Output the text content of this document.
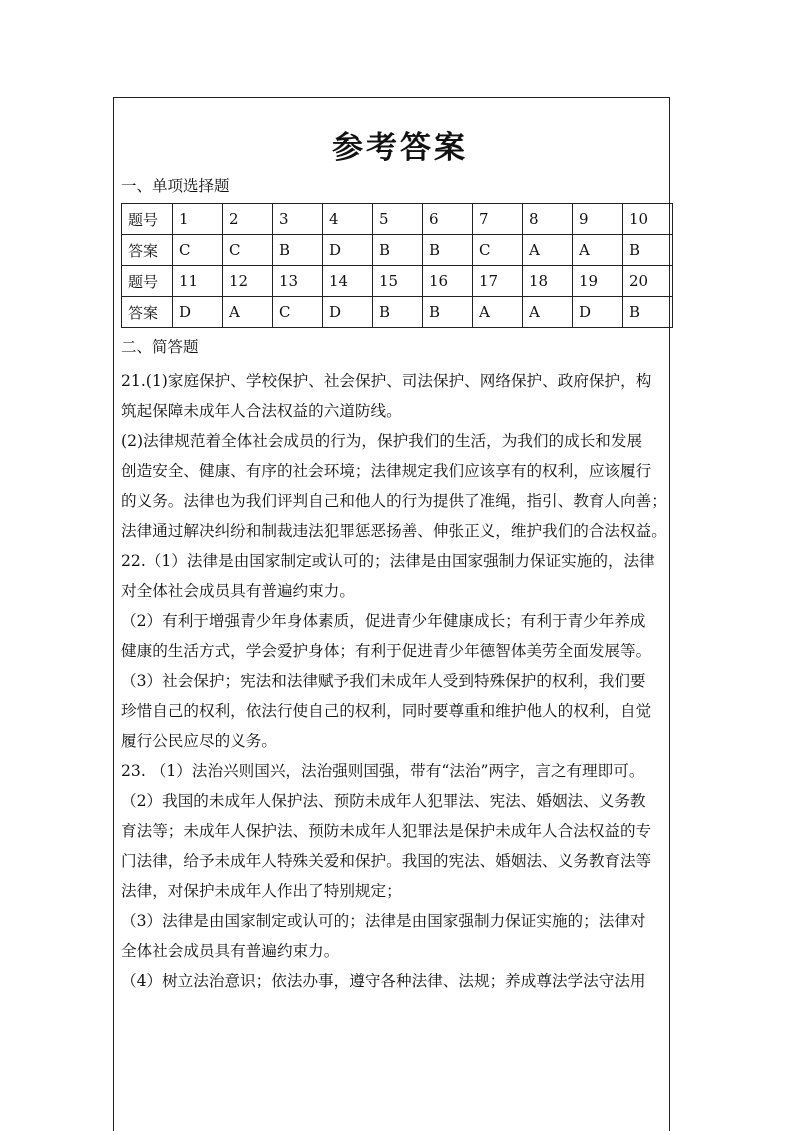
参考答案
一、单项选择题
题号	1	2	3	4	5	6	7	8	9	10
答案	C	C	B	D	B	B	C	A	A	B
题号	11	12	13	14	15	16	17	18	19	20
答案	D	A	C	D	B	B	A	A	D	B
二、简答题
21.(1)家庭保护、学校保护、社会保护、司法保护、网络保护、政府保护，构
筑起保障未成年人合法权益的六道防线。
(2)法律规范着全体社会成员的行为，保护我们的生活，为我们的成长和发展
创造安全、健康、有序的社会环境；法律规定我们应该享有的权利，应该履行
的义务。法律也为我们评判自己和他人的行为提供了准绳，指引、教育人向善；
法律通过解决纠纷和制裁违法犯罪惩恶扬善、伸张正义，维护我们的合法权益。
22.（1）法律是由国家制定或认可的；法律是由国家强制力保证实施的，法律
对全体社会成员具有普遍约束力。
（2）有利于增强青少年身体素质，促进青少年健康成长；有利于青少年养成
健康的生活方式，学会爱护身体；有利于促进青少年德智体美劳全面发展等。
（3）社会保护；宪法和法律赋予我们未成年人受到特殊保护的权利，我们要
珍惜自己的权利，依法行使自己的权利，同时要尊重和维护他人的权利，自觉
履行公民应尽的义务。
23. （1）法治兴则国兴，法治强则国强，带有“法治”两字，言之有理即可。
（2）我国的未成年人保护法、预防未成年人犯罪法、宪法、婚姻法、义务教
育法等；未成年人保护法、预防未成年人犯罪法是保护未成年人合法权益的专
门法律，给予未成年人特殊关爱和保护。我国的宪法、婚姻法、义务教育法等
法律，对保护未成年人作出了特别规定；
（3）法律是由国家制定或认可的；法律是由国家强制力保证实施的；法律对
全体社会成员具有普遍约束力。
（4）树立法治意识；依法办事，遵守各种法律、法规；养成尊法学法守法用
